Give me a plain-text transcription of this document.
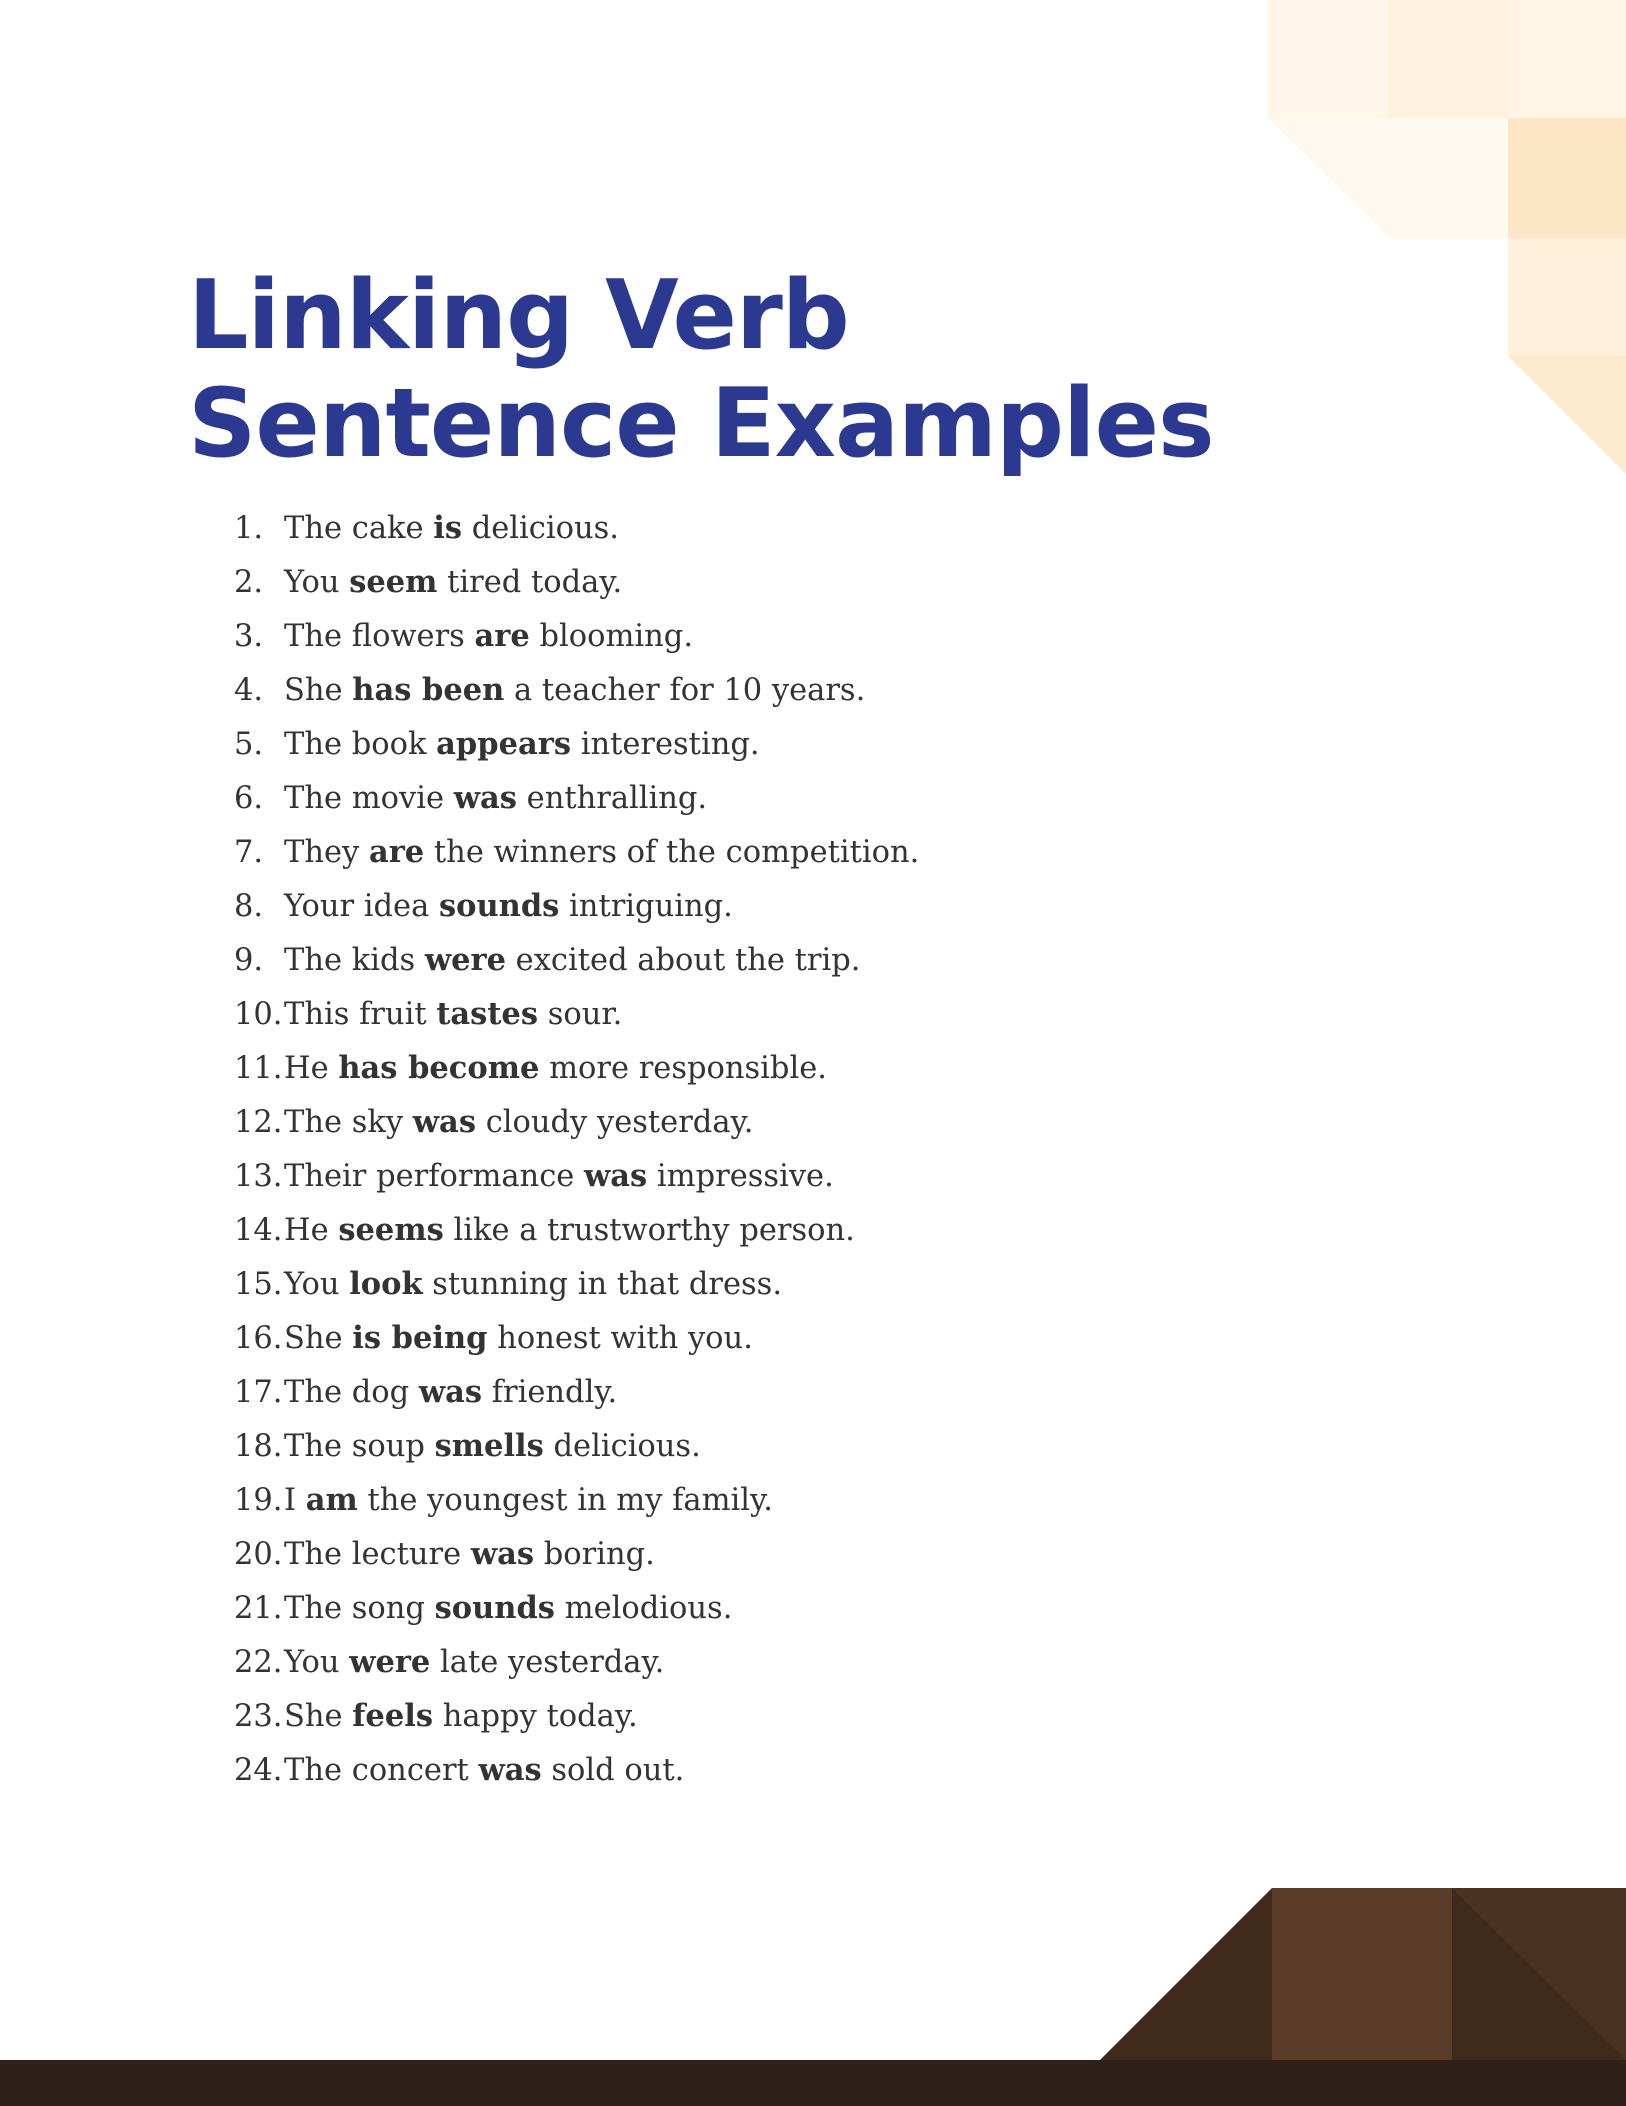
Linking Verb
Sentence Examples
1. The cake is delicious.
2. You seem tired today.
3. The flowers are blooming.
4. She has been a teacher for 10 years.
5. The book appears interesting.
6. The movie was enthralling.
7. They are the winners of the competition.
8. Your idea sounds intriguing.
9. The kids were excited about the trip.
10.This fruit tastes sour.
11.He has become more responsible.
12.The sky was cloudy yesterday.
13.Their performance was impressive.
14.He seems like a trustworthy person.
15.You look stunning in that dress.
16.She is being honest with you.
17.The dog was friendly.
18.The soup smells delicious.
19.I am the youngest in my family.
20.The lecture was boring.
21.The song sounds melodious.
22.You were late yesterday.
23.She feels happy today.
24.The concert was sold out.
